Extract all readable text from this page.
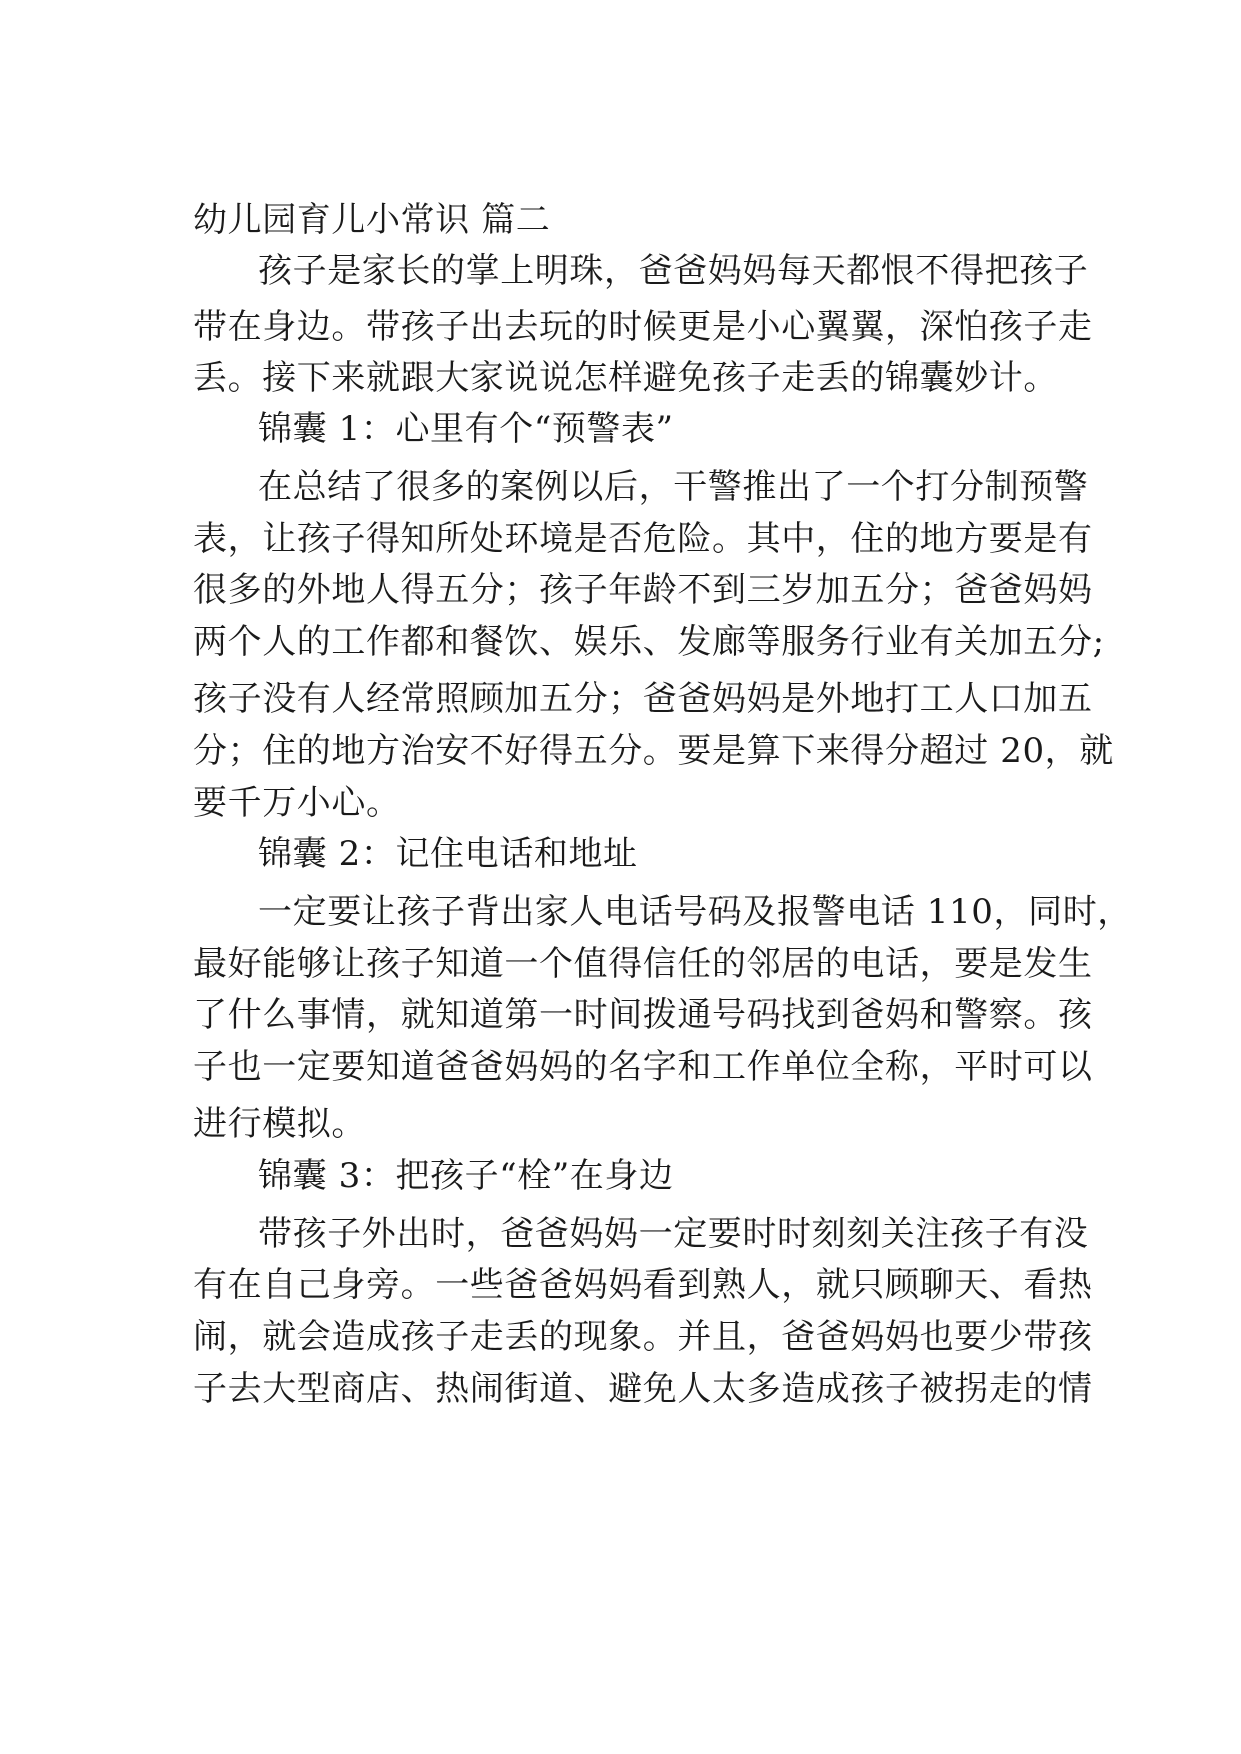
幼儿园育儿小常识 篇二
孩子是家长的掌上明珠，爸爸妈妈每天都恨不得把孩子
带在身边。带孩子出去玩的时候更是小心翼翼，深怕孩子走
丢。接下来就跟大家说说怎样避免孩子走丢的锦囊妙计。
锦囊 1：心里有个“预警表”
在总结了很多的案例以后，干警推出了一个打分制预警
表，让孩子得知所处环境是否危险。其中，住的地方要是有
很多的外地人得五分；孩子年龄不到三岁加五分；爸爸妈妈
两个人的工作都和餐饮、娱乐、发廊等服务行业有关加五分;
孩子没有人经常照顾加五分；爸爸妈妈是外地打工人口加五
分；住的地方治安不好得五分。要是算下来得分超过 20，就
要千万小心。
锦囊 2：记住电话和地址
一定要让孩子背出家人电话号码及报警电话 110，同时，
最好能够让孩子知道一个值得信任的邻居的电话，要是发生
了什么事情，就知道第一时间拨通号码找到爸妈和警察。孩
子也一定要知道爸爸妈妈的名字和工作单位全称，平时可以
进行模拟。
锦囊 3：把孩子“栓”在身边
带孩子外出时，爸爸妈妈一定要时时刻刻关注孩子有没
有在自己身旁。一些爸爸妈妈看到熟人，就只顾聊天、看热
闹，就会造成孩子走丢的现象。并且，爸爸妈妈也要少带孩
子去大型商店、热闹街道、避免人太多造成孩子被拐走的情
